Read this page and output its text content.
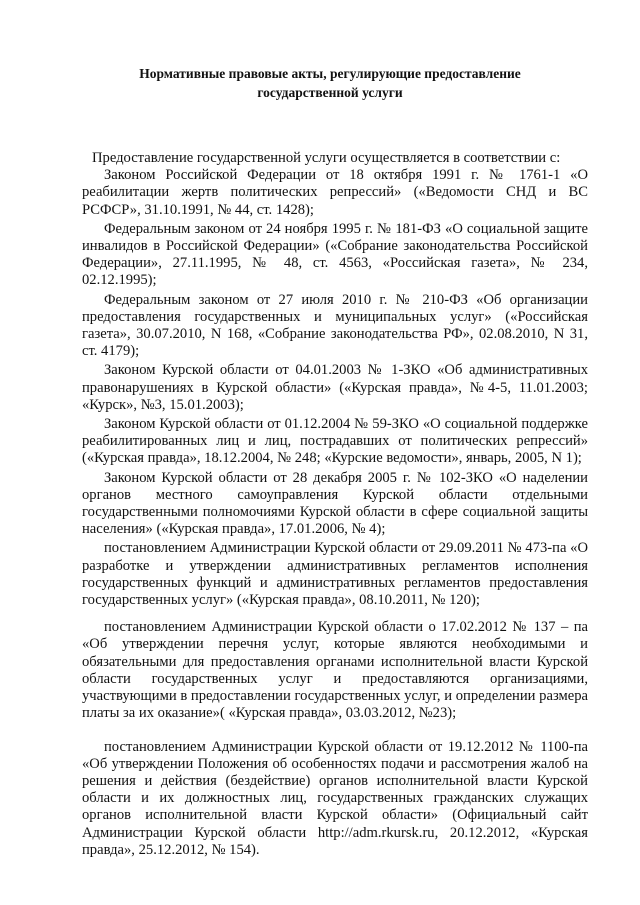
Нормативные правовые акты, регулирующие предоставление
государственной услуги

Предоставление государственной услуги осуществляется в соответствии с:

Законом Российской Федерации от 18 октября 1991 г. № 1761-1 «О реабилитации жертв политических репрессий» («Ведомости СНД и ВС РСФСР», 31.10.1991, № 44, ст. 1428);

Федеральным законом от 24 ноября 1995 г. № 181-ФЗ «О социальной защите инвалидов в Российской Федерации» («Собрание законодательства Российской Федерации», 27.11.1995, № 48, ст. 4563, «Российская газета», № 234, 02.12.1995);

Федеральным законом от 27 июля 2010 г. № 210-ФЗ «Об организации предоставления государственных и муниципальных услуг» («Российская газета», 30.07.2010, N 168, «Собрание законодательства РФ», 02.08.2010, N 31, ст. 4179);

Законом Курской области от 04.01.2003 № 1-ЗКО «Об административных правонарушениях в Курской области» («Курская правда», №4-5, 11.01.2003; «Курск», №3, 15.01.2003);

Законом Курской области от 01.12.2004 № 59-ЗКО «О социальной поддержке реабилитированных лиц и лиц, пострадавших от политических репрессий» («Курская правда», 18.12.2004, № 248; «Курские ведомости», январь, 2005, N 1);

Законом Курской области от 28 декабря 2005 г. № 102-ЗКО «О наделении органов местного самоуправления Курской области отдельными государственными полномочиями Курской области в сфере социальной защиты населения» («Курская правда», 17.01.2006, № 4);

постановлением Администрации Курской области от 29.09.2011 № 473-па «О разработке и утверждении административных регламентов исполнения государственных функций и административных регламентов предоставления государственных услуг» («Курская правда», 08.10.2011, № 120);

постановлением Администрации Курской области о 17.02.2012 № 137 – па «Об утверждении перечня услуг, которые являются необходимыми и обязательными для предоставления органами исполнительной власти Курской области государственных услуг и предоставляются организациями, участвующими в предоставлении государственных услуг, и определении размера платы за их оказание»( «Курская правда», 03.03.2012, №23);

постановлением Администрации Курской области от 19.12.2012 № 1100-па «Об утверждении Положения об особенностях подачи и рассмотрения жалоб на решения и действия (бездействие) органов исполнительной власти Курской области и их должностных лиц, государственных гражданских служащих органов исполнительной власти Курской области» (Официальный сайт Администрации Курской области http://adm.rkursk.ru, 20.12.2012, «Курская правда», 25.12.2012, № 154).
